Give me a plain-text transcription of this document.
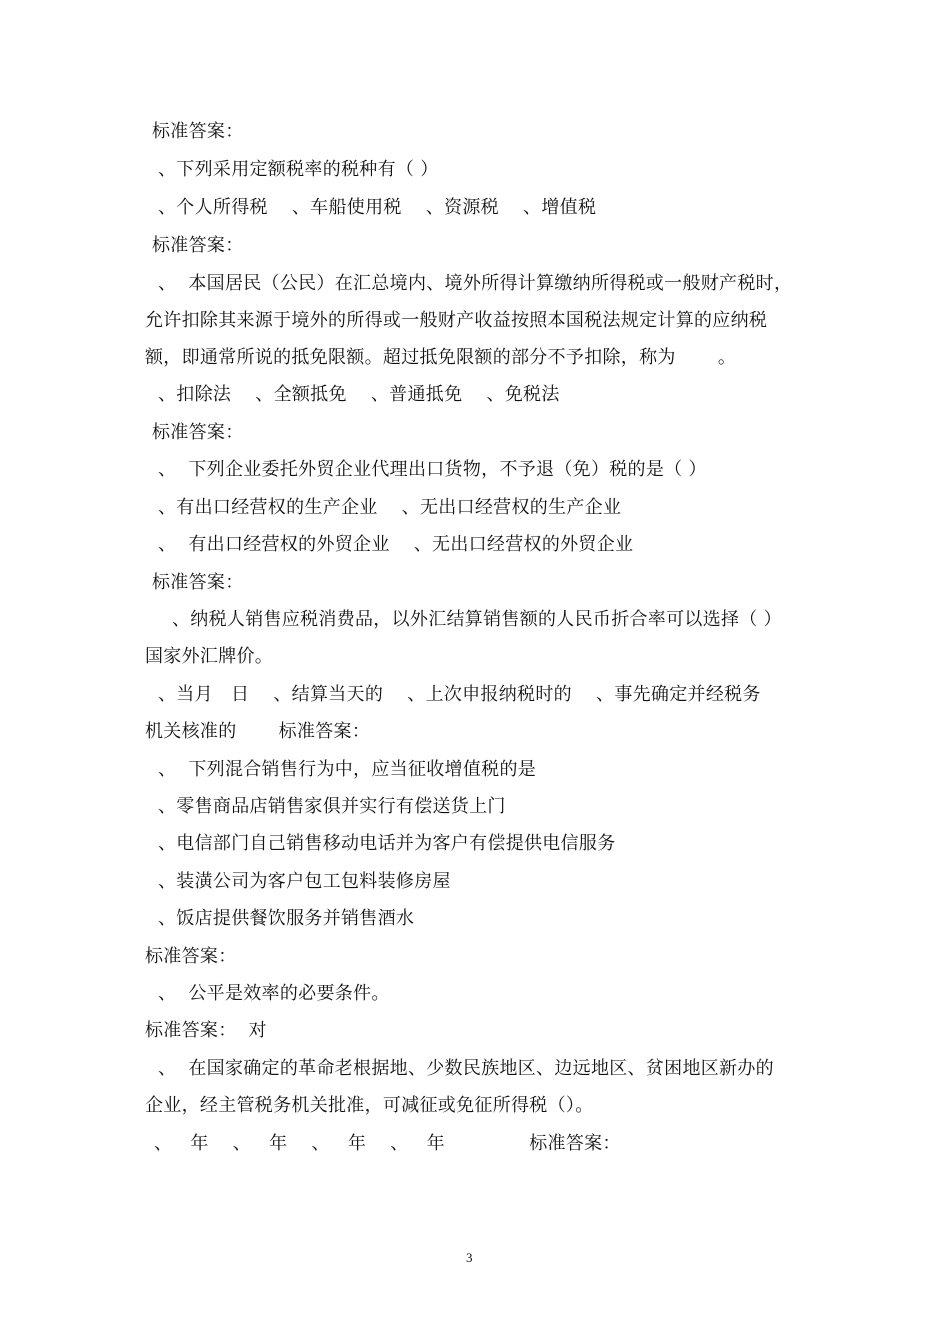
标准答案：
、下列采用定额税率的税种有（ ）
、个人所得税    、车船使用税    、资源税    、增值税
标准答案：
、  本国居民（公民）在汇总境内、境外所得计算缴纳所得税或一般财产税时，
允许扣除其来源于境外的所得或一般财产收益按照本国税法规定计算的应纳税
额，即通常所说的抵免限额。超过抵免限额的部分不予扣除，称为       。
、扣除法    、全额抵免    、普通抵免    、免税法
标准答案：
、  下列企业委托外贸企业代理出口货物，不予退（免）税的是（ ）
、有出口经营权的生产企业    、无出口经营权的生产企业
、  有出口经营权的外贸企业    、无出口经营权的外贸企业
标准答案：
、纳税人销售应税消费品，以外汇结算销售额的人民币折合率可以选择（ ）
国家外汇牌价。
、当月   日    、结算当天的    、上次申报纳税时的    、事先确定并经税务
机关核准的       标准答案：
、  下列混合销售行为中，应当征收增值税的是
、零售商品店销售家俱并实行有偿送货上门
、电信部门自己销售移动电话并为客户有偿提供电信服务
、装潢公司为客户包工包料装修房屋
、饭店提供餐饮服务并销售酒水
标准答案：
、  公平是效率的必要条件。
标准答案：  对
、  在国家确定的革命老根据地、少数民族地区、边远地区、贫困地区新办的
企业，经主管税务机关批准，可减征或免征所得税（）。
、   年    、   年    、   年    、   年              标准答案：
3
